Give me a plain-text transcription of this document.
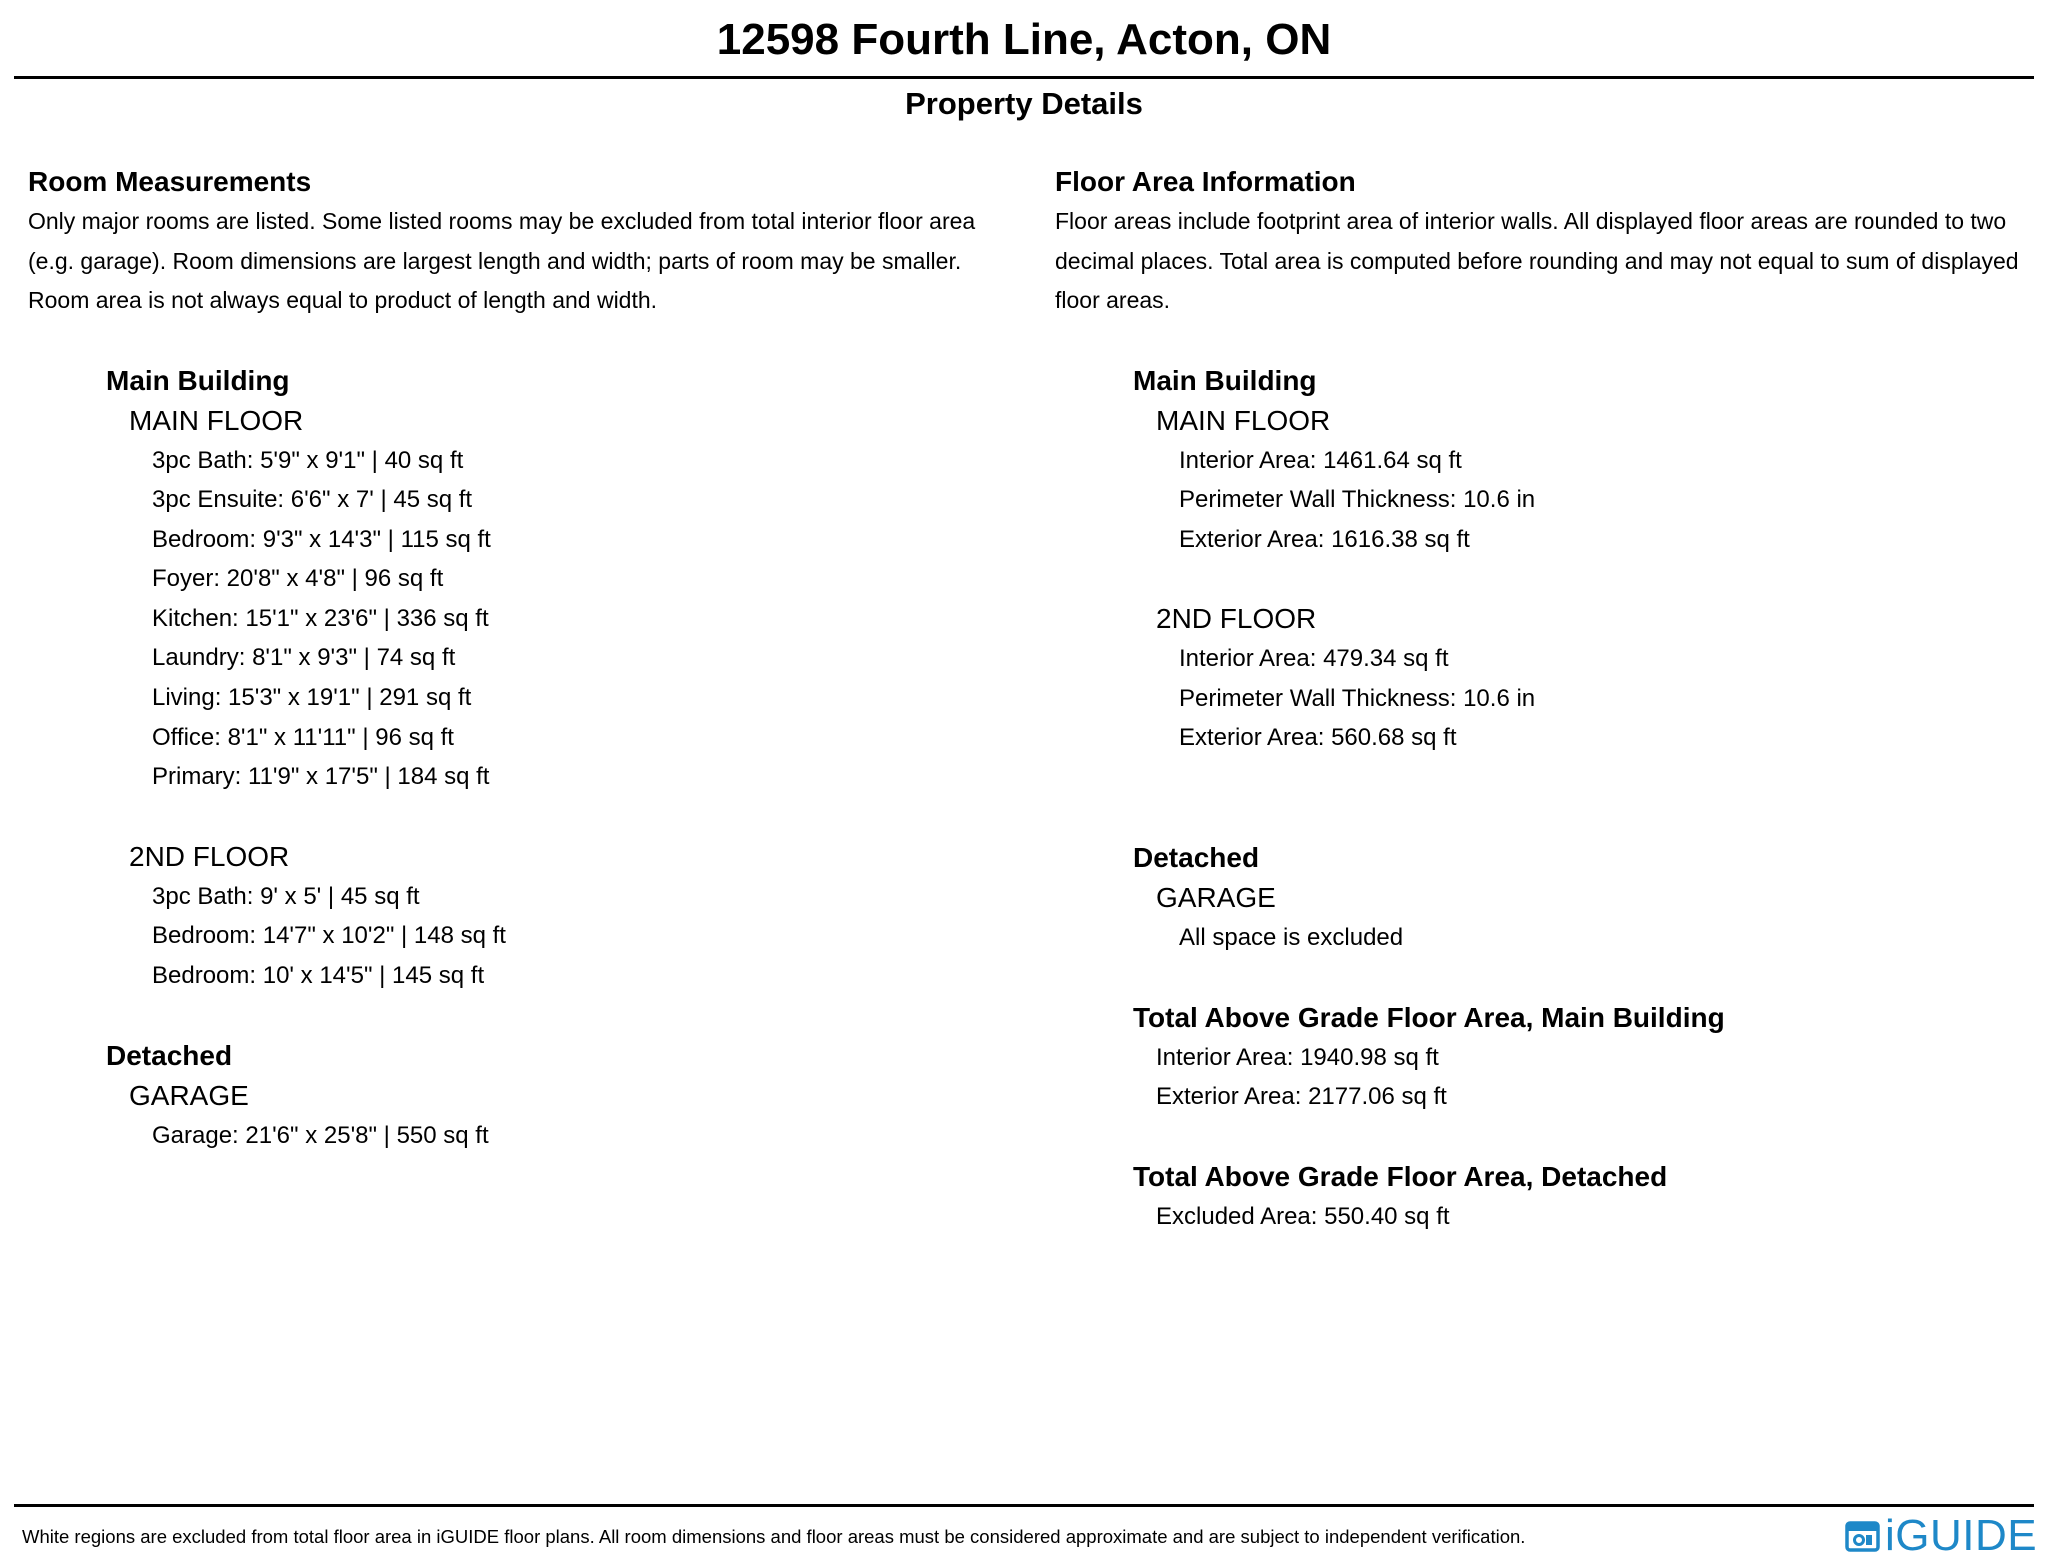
12598 Fourth Line, Acton, ON
Property Details
Room Measurements
Only major rooms are listed. Some listed rooms may be excluded from total interior floor area
(e.g. garage). Room dimensions are largest length and width; parts of room may be smaller.
Room area is not always equal to product of length and width.
Main Building
MAIN FLOOR
3pc Bath: 5'9" x 9'1" | 40 sq ft
3pc Ensuite: 6'6" x 7' | 45 sq ft
Bedroom: 9'3" x 14'3" | 115 sq ft
Foyer: 20'8" x 4'8" | 96 sq ft
Kitchen: 15'1" x 23'6" | 336 sq ft
Laundry: 8'1" x 9'3" | 74 sq ft
Living: 15'3" x 19'1" | 291 sq ft
Office: 8'1" x 11'11" | 96 sq ft
Primary: 11'9" x 17'5" | 184 sq ft
2ND FLOOR
3pc Bath: 9' x 5' | 45 sq ft
Bedroom: 14'7" x 10'2" | 148 sq ft
Bedroom: 10' x 14'5" | 145 sq ft
Detached
GARAGE
Garage: 21'6" x 25'8" | 550 sq ft
Floor Area Information
Floor areas include footprint area of interior walls. All displayed floor areas are rounded to two
decimal places. Total area is computed before rounding and may not equal to sum of displayed
floor areas.
Main Building
MAIN FLOOR
Interior Area: 1461.64 sq ft
Perimeter Wall Thickness: 10.6 in
Exterior Area: 1616.38 sq ft
2ND FLOOR
Interior Area: 479.34 sq ft
Perimeter Wall Thickness: 10.6 in
Exterior Area: 560.68 sq ft
Detached
GARAGE
All space is excluded
Total Above Grade Floor Area, Main Building
Interior Area: 1940.98 sq ft
Exterior Area: 2177.06 sq ft
Total Above Grade Floor Area, Detached
Excluded Area: 550.40 sq ft
White regions are excluded from total floor area in iGUIDE floor plans. All room dimensions and floor areas must be considered approximate and are subject to independent verification.	iGUIDE
